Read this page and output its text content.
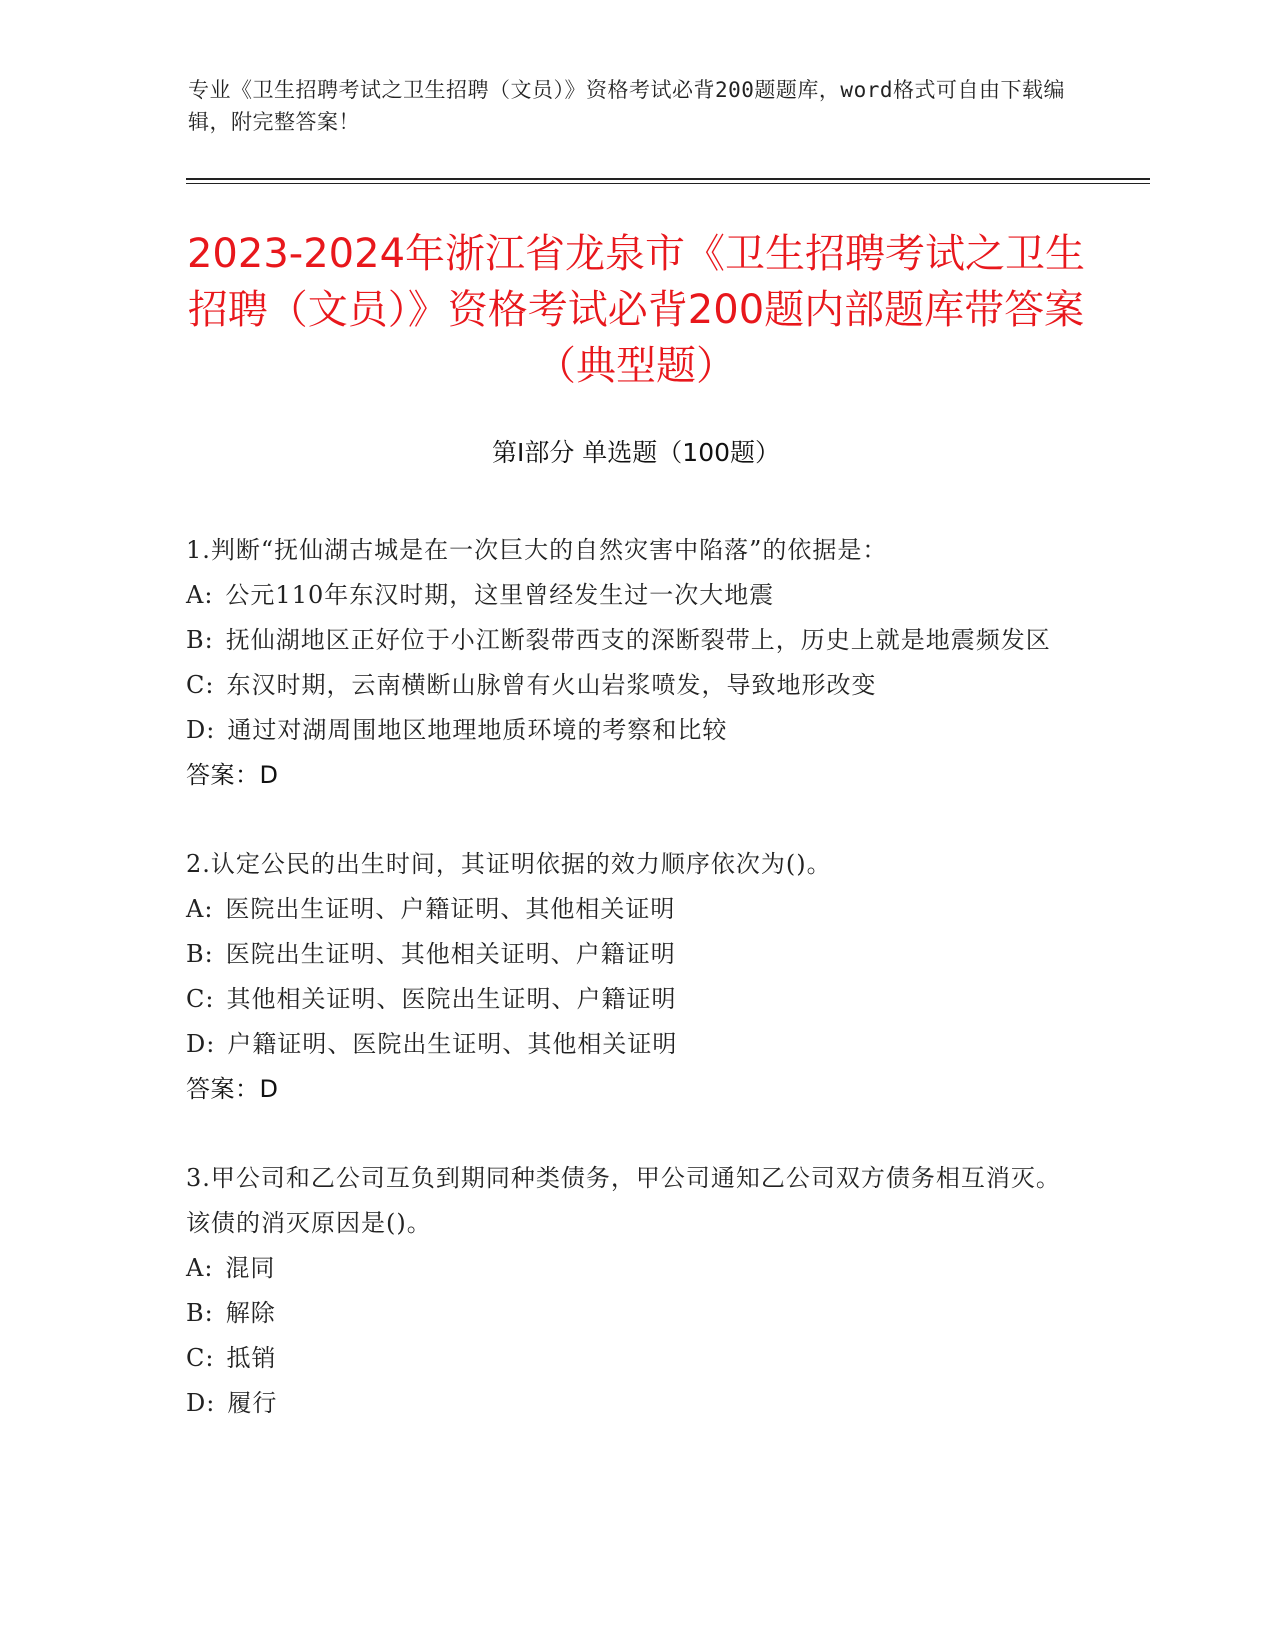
专业《卫生招聘考试之卫生招聘（文员）》资格考试必背200题题库，word格式可自由下载编辑，附完整答案！
2023-2024年浙江省龙泉市《卫生招聘考试之卫生招聘（文员）》资格考试必背200题内部题库带答案（典型题）
第Ⅰ部分 单选题（100题）
1.判断“抚仙湖古城是在一次巨大的自然灾害中陷落”的依据是：
A: 公元110年东汉时期，这里曾经发生过一次大地震
B: 抚仙湖地区正好位于小江断裂带西支的深断裂带上，历史上就是地震频发区
C: 东汉时期，云南横断山脉曾有火山岩浆喷发，导致地形改变
D: 通过对湖周围地区地理地质环境的考察和比较
答案：D
2.认定公民的出生时间，其证明依据的效力顺序依次为()。
A: 医院出生证明、户籍证明、其他相关证明
B: 医院出生证明、其他相关证明、户籍证明
C: 其他相关证明、医院出生证明、户籍证明
D: 户籍证明、医院出生证明、其他相关证明
答案：D
3.甲公司和乙公司互负到期同种类债务，甲公司通知乙公司双方债务相互消灭。该债的消灭原因是()。
A: 混同
B: 解除
C: 抵销
D: 履行
